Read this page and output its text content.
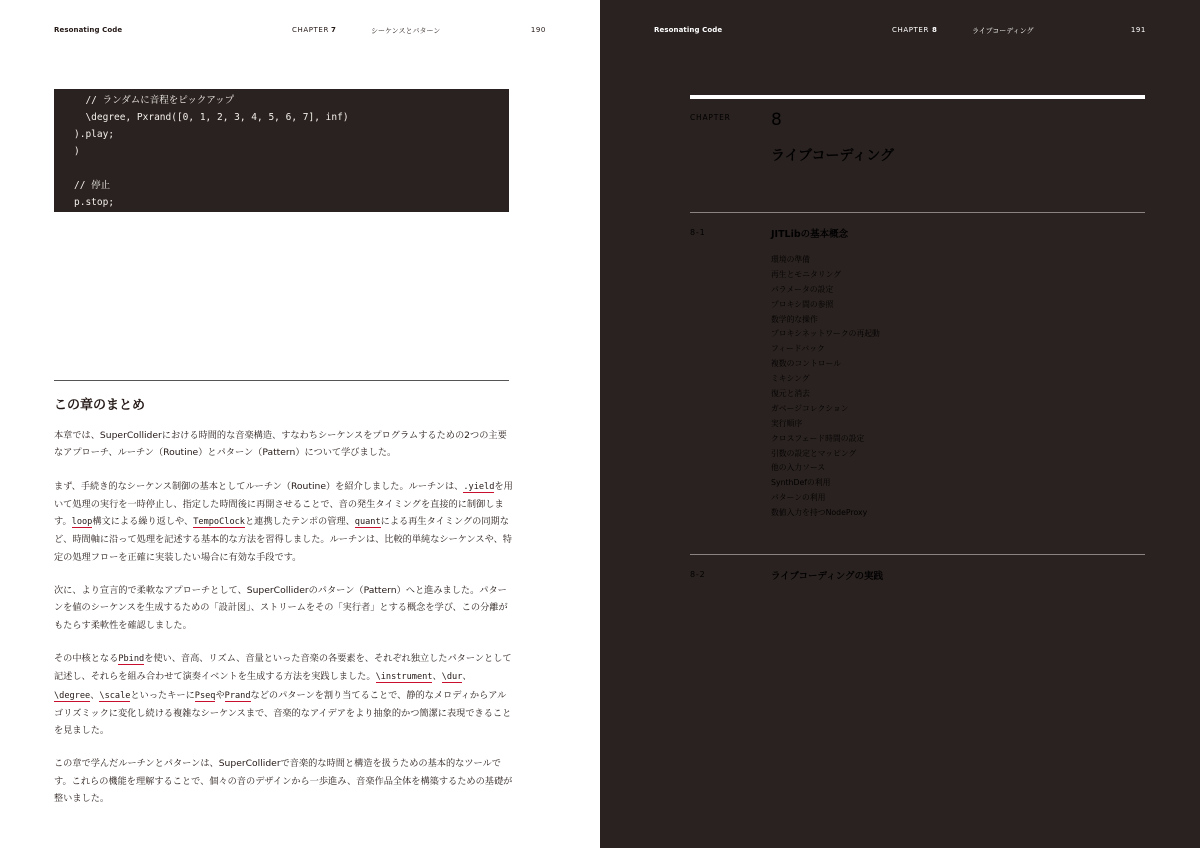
Resonating Code	CHAPTER 7	シーケンスとパターン	190
// ランダムに音程をピックアップ
\degree, Pxrand([0, 1, 2, 3, 4, 5, 6, 7], inf)
).play;
)
// 停止
p.stop;
この章のまとめ

本章では、SuperColliderにおける時間的な音楽構造、すなわちシーケンスをプログラムするための2つの主要なアプローチ、ルーチン（Routine）とパターン（Pattern）について学びました。

まず、手続き的なシーケンス制御の基本としてルーチン（Routine）を紹介しました。ルーチンは、.yieldを用いて処理の実行を一時停止し、指定した時間後に再開させることで、音の発生タイミングを直接的に制御します。loop構文による繰り返しや、TempoClockと連携したテンポの管理、quantによる再生タイミングの同期など、時間軸に沿って処理を記述する基本的な方法を習得しました。ルーチンは、比較的単純なシーケンスや、特定の処理フローを正確に実装したい場合に有効な手段です。

次に、より宣言的で柔軟なアプローチとして、SuperColliderのパターン（Pattern）へと進みました。パターンを値のシーケンスを生成するための「設計図」、ストリームをその「実行者」とする概念を学び、この分離がもたらす柔軟性を確認しました。

その中核となるPbindを使い、音高、リズム、音量といった音楽の各要素を、それぞれ独立したパターンとして記述し、それらを組み合わせて演奏イベントを生成する方法を実践しました。\instrument、\dur、\degree、\scaleといったキーにPseqやPrandなどのパターンを割り当てることで、静的なメロディからアルゴリズミックに変化し続ける複雑なシーケンスまで、音楽的なアイデアをより抽象的かつ簡潔に表現できることを見ました。

この章で学んだルーチンとパターンは、SuperColliderで音楽的な時間と構造を扱うための基本的なツールです。これらの機能を理解することで、個々の音のデザインから一歩進み、音楽作品全体を構築するための基礎が整いました。

Resonating Code	CHAPTER 8	ライブコーディング	191
CHAPTER 8
ライブコーディング
8-1	JITLibの基本概念
環境の準備
再生とモニタリング
パラメータの設定
プロキシ間の参照
数学的な操作
プロキシネットワークの再起動
フィードバック
複数のコントロール
ミキシング
復元と消去
ガベージコレクション
実行順序
クロスフェード時間の設定
引数の設定とマッピング
他の入力ソース
SynthDefの利用
パターンの利用
数値入力を持つNodeProxy
8-2	ライブコーディングの実践
